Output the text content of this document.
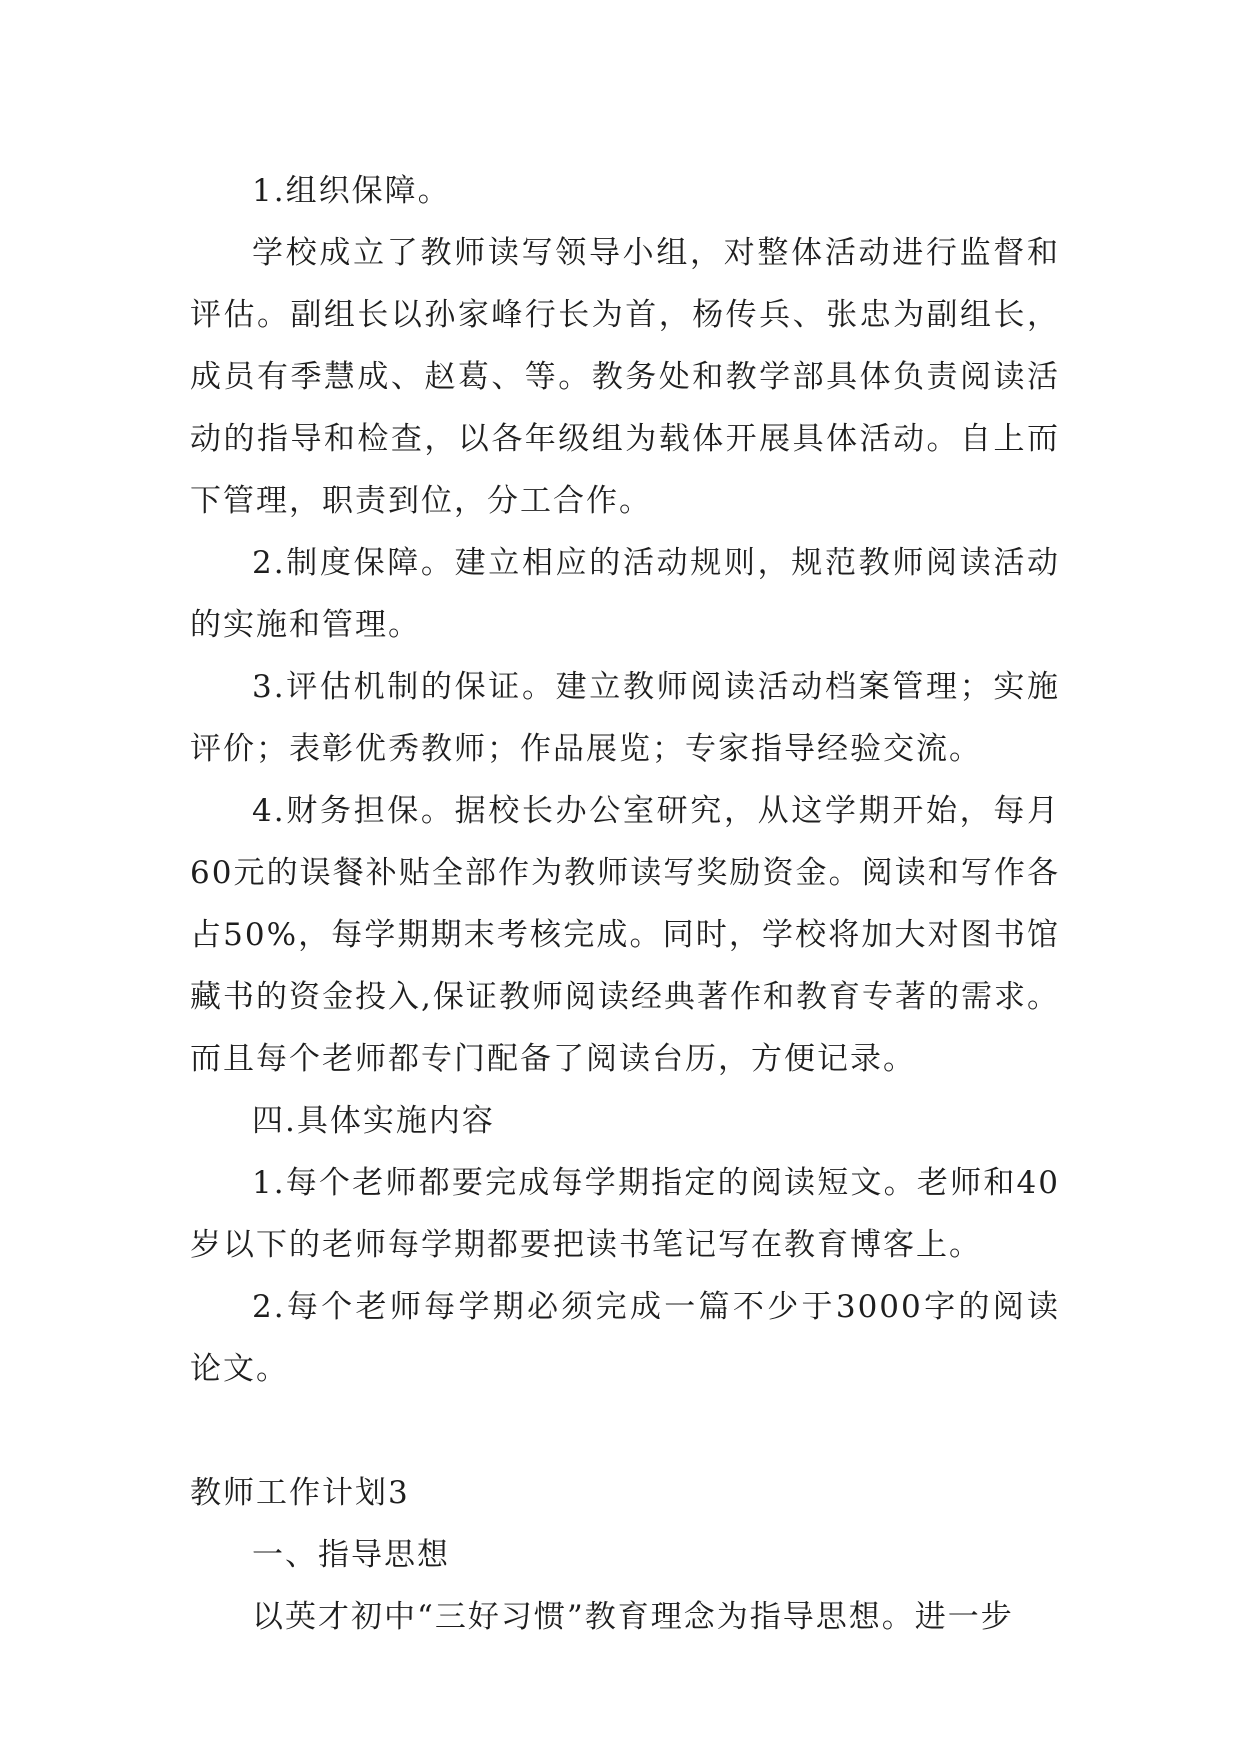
1.组织保障。

学校成立了教师读写领导小组，对整体活动进行监督和评估。副组长以孙家峰行长为首，杨传兵、张忠为副组长，成员有季慧成、赵葛、等。教务处和教学部具体负责阅读活动的指导和检查，以各年级组为载体开展具体活动。自上而下管理，职责到位，分工合作。

2.制度保障。建立相应的活动规则，规范教师阅读活动的实施和管理。

3.评估机制的保证。建立教师阅读活动档案管理；实施评价；表彰优秀教师；作品展览；专家指导经验交流。

4.财务担保。据校长办公室研究，从这学期开始，每月60元的误餐补贴全部作为教师读写奖励资金。阅读和写作各占50%，每学期期末考核完成。同时，学校将加大对图书馆藏书的资金投入,保证教师阅读经典著作和教育专著的需求。而且每个老师都专门配备了阅读台历，方便记录。

四.具体实施内容

1.每个老师都要完成每学期指定的阅读短文。老师和40岁以下的老师每学期都要把读书笔记写在教育博客上。

2.每个老师每学期必须完成一篇不少于3000字的阅读论文。

教师工作计划3

一、指导思想

以英才初中“三好习惯”教育理念为指导思想。进一步
